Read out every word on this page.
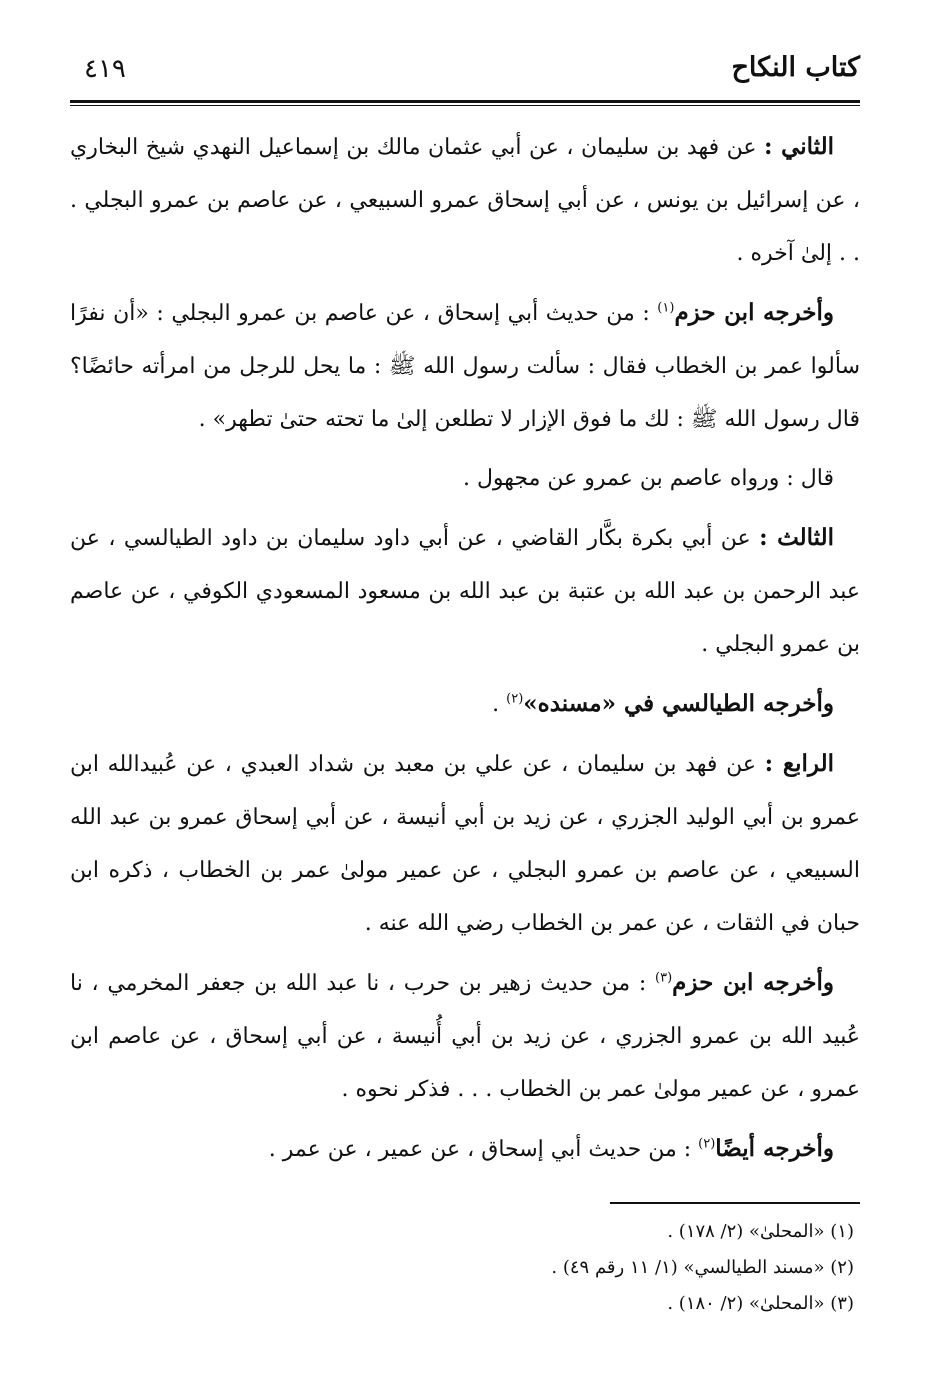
كتاب النكاح
٤١٩

الثاني : عن فهد بن سليمان ، عن أبي عثمان مالك بن إسماعيل النهدي شيخ البخاري ، عن إسرائيل بن يونس ، عن أبي إسحاق عمرو السبيعي ، عن عاصم بن عمرو البجلي . . . إلىٰ آخره .

وأخرجه ابن حزم$^{(١)}$ : من حديث أبي إسحاق ، عن عاصم بن عمرو البجلي : «أن نفرًا سألوا عمر بن الخطاب فقال : سألت رسول الله ﷺ : ما يحل للرجل من امرأته حائضًا؟ قال رسول الله ﷺ : لك ما فوق الإزار لا تطلعن إلىٰ ما تحته حتىٰ تطهر» .

قال : ورواه عاصم بن عمرو عن مجهول .

الثالث : عن أبي بكرة بكَّار القاضي ، عن أبي داود سليمان بن داود الطيالسي ، عن عبد الرحمن بن عبد الله بن عتبة بن عبد الله بن مسعود المسعودي الكوفي ، عن عاصم بن عمرو البجلي .

وأخرجه الطيالسي في «مسنده»$^{(٢)}$ .

الرابع : عن فهد بن سليمان ، عن علي بن معبد بن شداد العبدي ، عن عُبيدالله ابن عمرو بن أبي الوليد الجزري ، عن زيد بن أبي أنيسة ، عن أبي إسحاق عمرو بن عبد الله السبيعي ، عن عاصم بن عمرو البجلي ، عن عمير مولىٰ عمر بن الخطاب ، ذكره ابن حبان في الثقات ، عن عمر بن الخطاب رضي الله عنه .

وأخرجه ابن حزم$^{(٣)}$ : من حديث زهير بن حرب ، نا عبد الله بن جعفر المخرمي ، نا عُبيد الله بن عمرو الجزري ، عن زيد بن أبي أُنيسة ، عن أبي إسحاق ، عن عاصم ابن عمرو ، عن عمير مولىٰ عمر بن الخطاب . . . فذكر نحوه .

وأخرجه أيضًا$^{(٢)}$ : من حديث أبي إسحاق ، عن عمير ، عن عمر .

(١) «المحلىٰ» (٢/ ١٧٨) .

(٢) «مسند الطيالسي» (١/ ١١ رقم ٤٩) .

(٣) «المحلىٰ» (٢/ ١٨٠) .
